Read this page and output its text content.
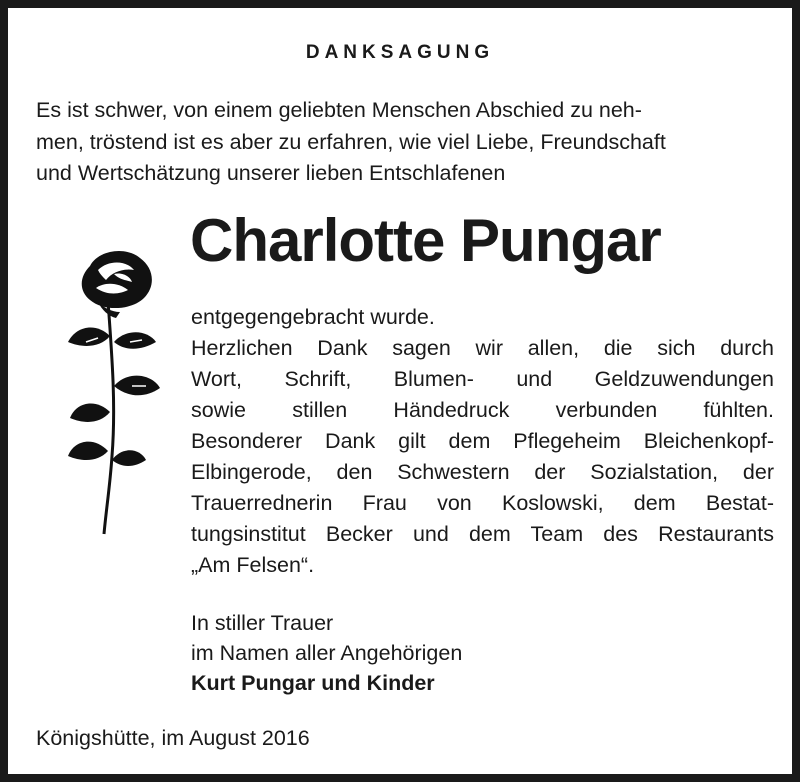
DANKSAGUNG
Es ist schwer, von einem geliebten Menschen Abschied zu neh-
men, tröstend ist es aber zu erfahren, wie viel Liebe, Freundschaft
und Wertschätzung unserer lieben Entschlafenen
Charlotte Pungar
entgegengebracht wurde.
Herzlichen Dank sagen wir allen, die sich durch
Wort, Schrift, Blumen- und Geldzuwendungen
sowie stillen Händedruck verbunden fühlten.
Besonderer Dank gilt dem Pflegeheim Bleichenkopf-
Elbingerode, den Schwestern der Sozialstation, der
Trauerrednerin Frau von Koslowski, dem Bestat-
tungsinstitut Becker und dem Team des Restaurants
„Am Felsen“.
In stiller Trauer
im Namen aller Angehörigen
Kurt Pungar und Kinder
Königshütte, im August 2016
